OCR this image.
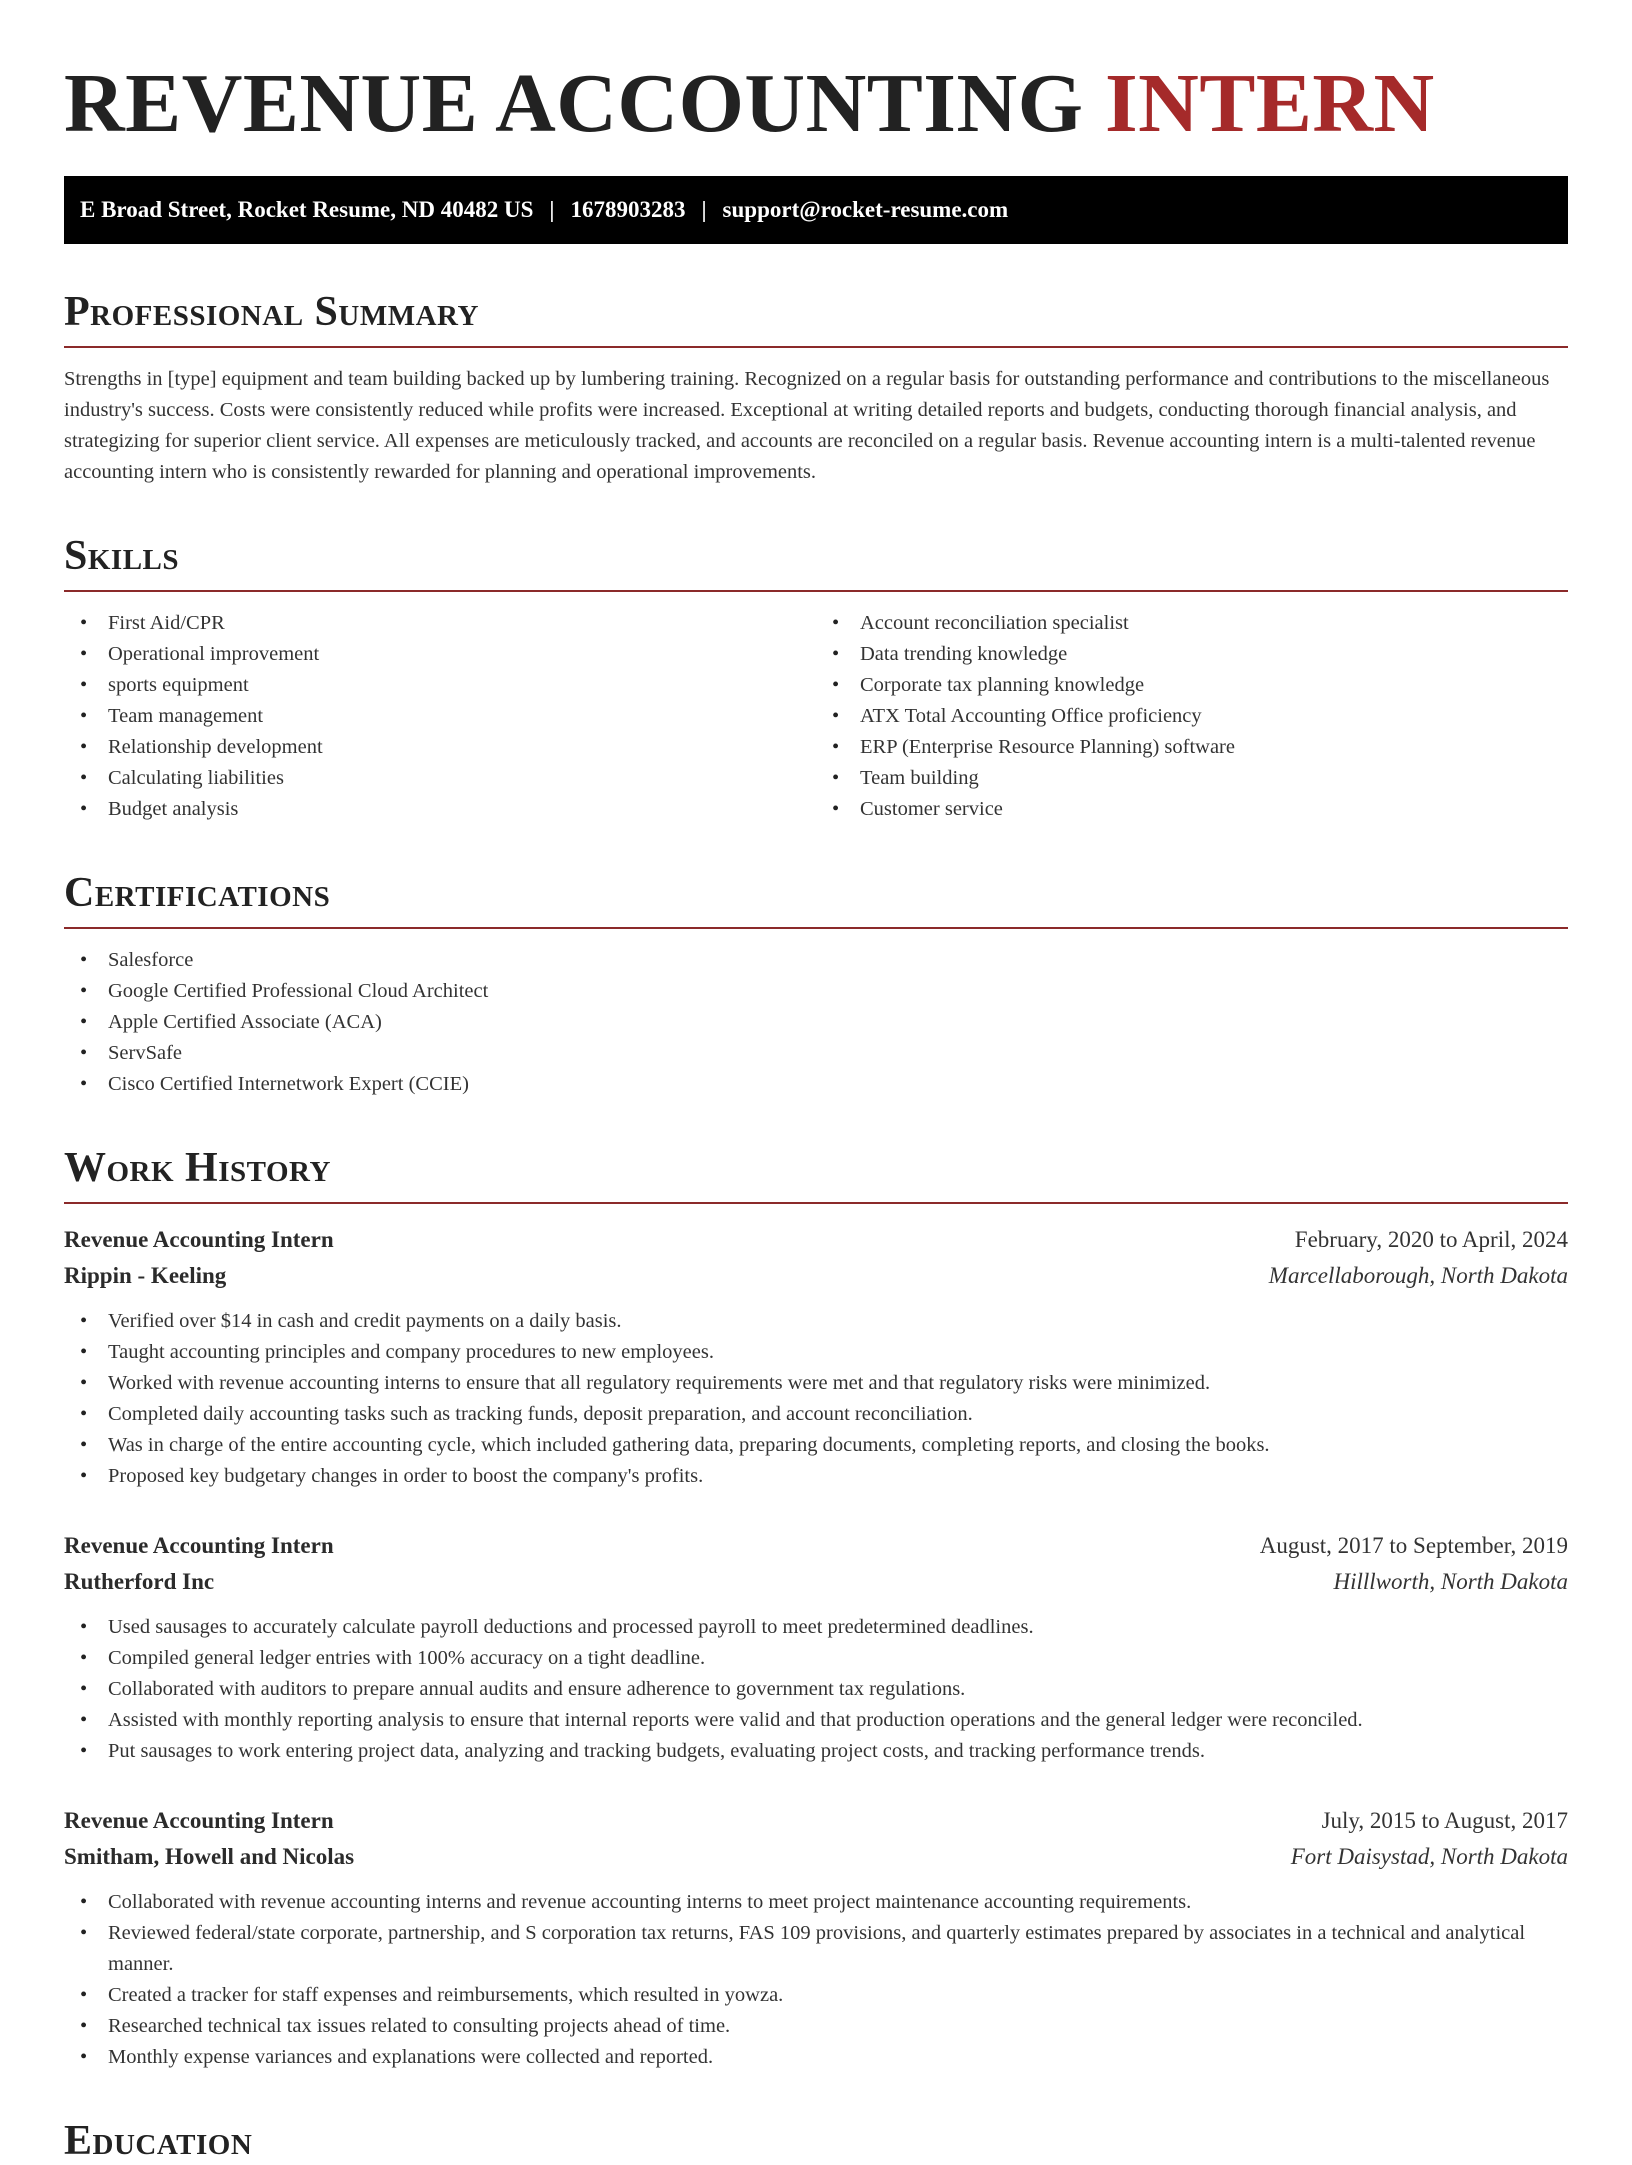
REVENUE ACCOUNTING INTERN
E Broad Street, Rocket Resume, ND 40482 US | 1678903283 | support@rocket-resume.com
Professional Summary
Strengths in [type] equipment and team building backed up by lumbering training. Recognized on a regular basis for outstanding performance and contributions to the miscellaneous industry's success. Costs were consistently reduced while profits were increased. Exceptional at writing detailed reports and budgets, conducting thorough financial analysis, and strategizing for superior client service. All expenses are meticulously tracked, and accounts are reconciled on a regular basis. Revenue accounting intern is a multi-talented revenue accounting intern who is consistently rewarded for planning and operational improvements.
Skills
• First Aid/CPR
• Operational improvement
• sports equipment
• Team management
• Relationship development
• Calculating liabilities
• Budget analysis
• Account reconciliation specialist
• Data trending knowledge
• Corporate tax planning knowledge
• ATX Total Accounting Office proficiency
• ERP (Enterprise Resource Planning) software
• Team building
• Customer service
Certifications
• Salesforce
• Google Certified Professional Cloud Architect
• Apple Certified Associate (ACA)
• ServSafe
• Cisco Certified Internetwork Expert (CCIE)
Work History
Revenue Accounting Intern	February, 2020 to April, 2024
Rippin - Keeling	Marcellaborough, North Dakota
• Verified over $14 in cash and credit payments on a daily basis.
• Taught accounting principles and company procedures to new employees.
• Worked with revenue accounting interns to ensure that all regulatory requirements were met and that regulatory risks were minimized.
• Completed daily accounting tasks such as tracking funds, deposit preparation, and account reconciliation.
• Was in charge of the entire accounting cycle, which included gathering data, preparing documents, completing reports, and closing the books.
• Proposed key budgetary changes in order to boost the company's profits.
Revenue Accounting Intern	August, 2017 to September, 2019
Rutherford Inc	Hilllworth, North Dakota
• Used sausages to accurately calculate payroll deductions and processed payroll to meet predetermined deadlines.
• Compiled general ledger entries with 100% accuracy on a tight deadline.
• Collaborated with auditors to prepare annual audits and ensure adherence to government tax regulations.
• Assisted with monthly reporting analysis to ensure that internal reports were valid and that production operations and the general ledger were reconciled.
• Put sausages to work entering project data, analyzing and tracking budgets, evaluating project costs, and tracking performance trends.
Revenue Accounting Intern	July, 2015 to August, 2017
Smitham, Howell and Nicolas	Fort Daisystad, North Dakota
• Collaborated with revenue accounting interns and revenue accounting interns to meet project maintenance accounting requirements.
• Reviewed federal/state corporate, partnership, and S corporation tax returns, FAS 109 provisions, and quarterly estimates prepared by associates in a technical and analytical manner.
• Created a tracker for staff expenses and reimbursements, which resulted in yowza.
• Researched technical tax issues related to consulting projects ahead of time.
• Monthly expense variances and explanations were collected and reported.
Education
